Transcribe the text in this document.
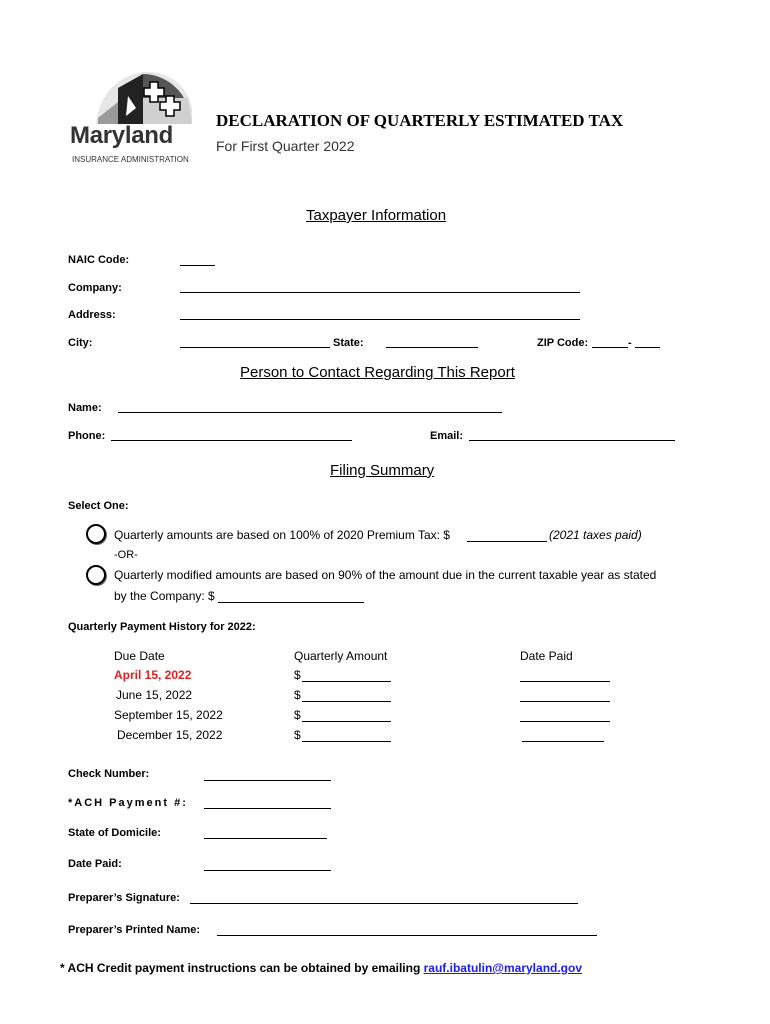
Maryland
INSURANCE ADMINISTRATION
DECLARATION OF QUARTERLY ESTIMATED TAX
For First Quarter 2022
Taxpayer Information
NAIC Code:
Company:
Address:
City:	State:	ZIP Code:	-
Person to Contact Regarding This Report
Name:
Phone:	Email:
Filing Summary
Select One:
Quarterly amounts are based on 100% of 2020 Premium Tax: $	(2021 taxes paid)
-OR-
Quarterly modified amounts are based on 90% of the amount due in the current taxable year as stated
by the Company: $
Quarterly Payment History for 2022:
Due Date	Quarterly Amount	Date Paid
April 15, 2022	$
June 15, 2022	$
September 15, 2022	$
December 15, 2022	$
Check Number:
*ACH Payment #:
State of Domicile:
Date Paid:
Preparer’s Signature:
Preparer’s Printed Name:
* ACH Credit payment instructions can be obtained by emailing rauf.ibatulin@maryland.gov
